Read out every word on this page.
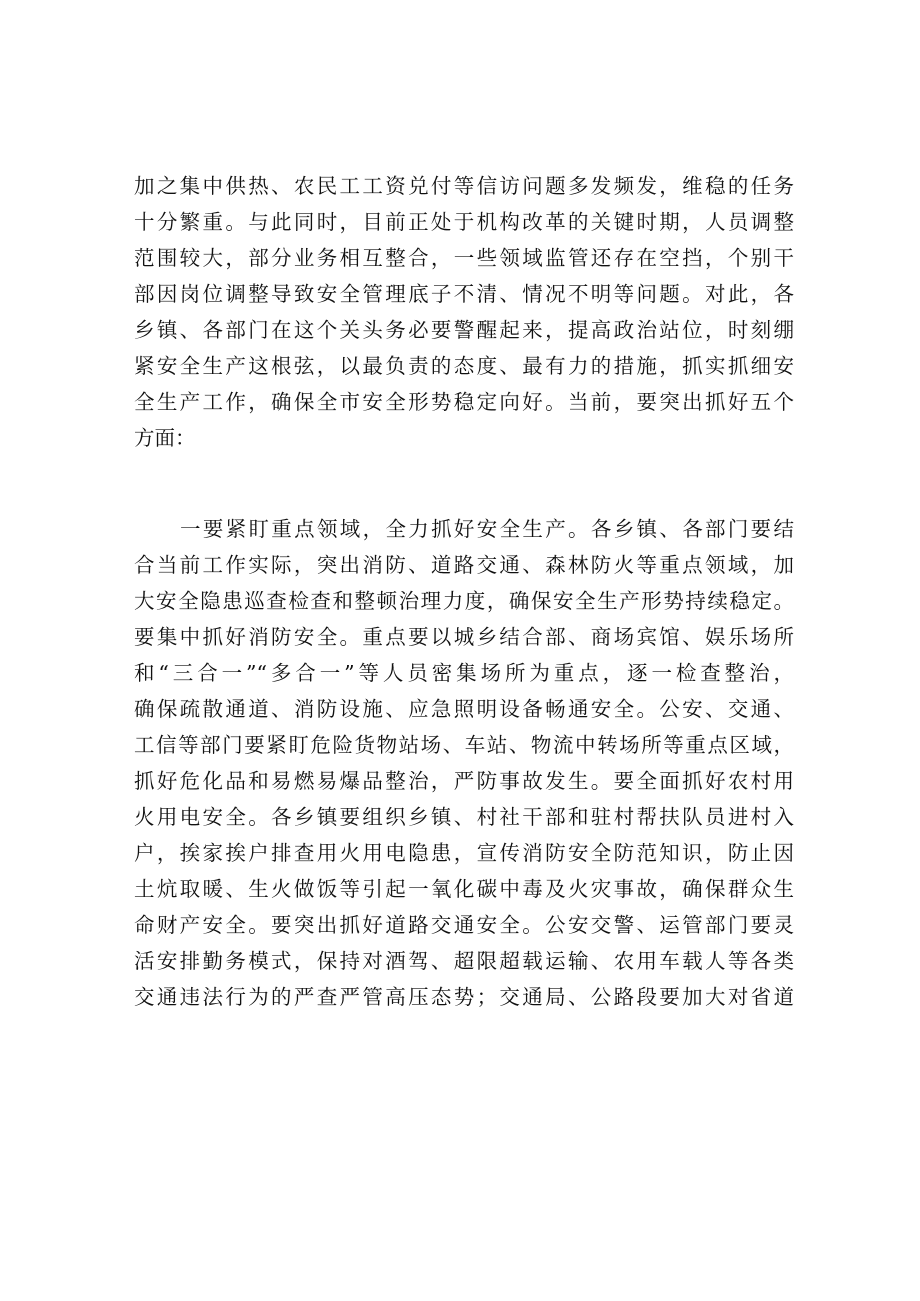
加之集中供热、农民工工资兑付等信访问题多发频发，维稳的任务
十分繁重。与此同时，目前正处于机构改革的关键时期，人员调整
范围较大，部分业务相互整合，一些领域监管还存在空挡，个别干
部因岗位调整导致安全管理底子不清、情况不明等问题。对此，各
乡镇、各部门在这个关头务必要警醒起来，提高政治站位，时刻绷
紧安全生产这根弦，以最负责的态度、最有力的措施，抓实抓细安
全生产工作，确保全市安全形势稳定向好。当前，要突出抓好五个
方面：
一要紧盯重点领域，全力抓好安全生产。各乡镇、各部门要结
合当前工作实际，突出消防、道路交通、森林防火等重点领域，加
大安全隐患巡查检查和整顿治理力度，确保安全生产形势持续稳定。
要集中抓好消防安全。重点要以城乡结合部、商场宾馆、娱乐场所
和“三合一”“多合一”等人员密集场所为重点，逐一检查整治，
确保疏散通道、消防设施、应急照明设备畅通安全。公安、交通、
工信等部门要紧盯危险货物站场、车站、物流中转场所等重点区域，
抓好危化品和易燃易爆品整治，严防事故发生。要全面抓好农村用
火用电安全。各乡镇要组织乡镇、村社干部和驻村帮扶队员进村入
户，挨家挨户排查用火用电隐患，宣传消防安全防范知识，防止因
土炕取暖、生火做饭等引起一氧化碳中毒及火灾事故，确保群众生
命财产安全。要突出抓好道路交通安全。公安交警、运管部门要灵
活安排勤务模式，保持对酒驾、超限超载运输、农用车载人等各类
交通违法行为的严查严管高压态势；交通局、公路段要加大对省道
